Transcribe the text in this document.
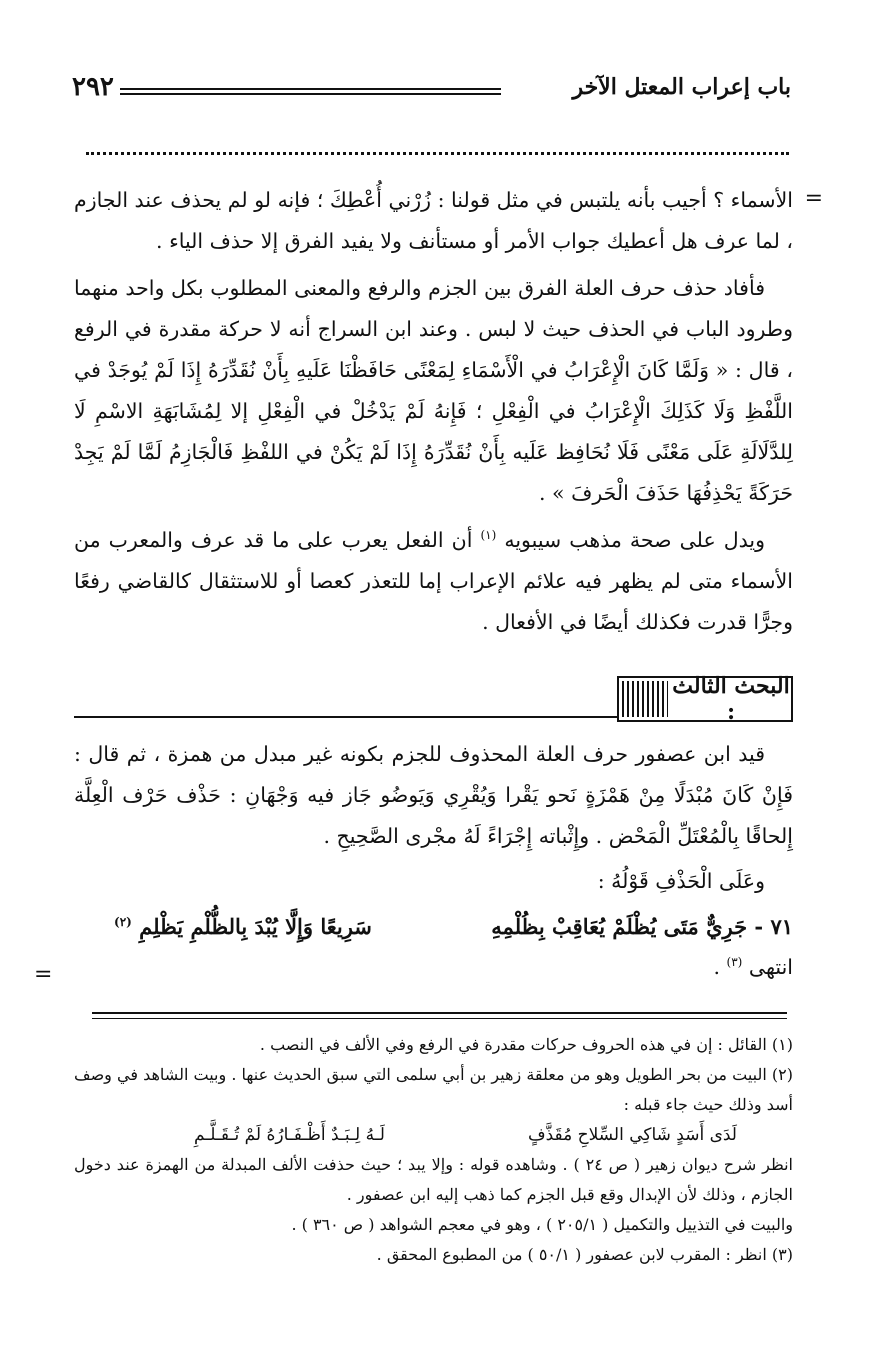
٢٩٢	باب إعراب المعتل الآخر
=

الأسماء ؟ أجيب بأنه يلتبس في مثل قولنا : زُرْني أُعْطِكَ ؛ فإنه لو لم يحذف عند الجازم ، لما عرف هل أعطيك جواب الأمر أو مستأنف ولا يفيد الفرق إلا حذف الياء .

فأفاد حذف حرف العلة الفرق بين الجزم والرفع والمعنى المطلوب بكل واحد منهما وطرود الباب في الحذف حيث لا لبس . وعند ابن السراج أنه لا حركة مقدرة في الرفع ، قال : « وَلَمَّا كَانَ الْإِعْرَابُ في الْأَسْمَاءِ لِمَعْنًى حَافَظْنَا عَلَيهِ بِأَنْ نُقَدِّرَهُ إِذَا لَمْ يُوجَدْ في اللَّفْظِ وَلَا كَذَلِكَ الْإِعْرَابُ في الْفِعْلِ ؛ فَإِنهُ لَمْ يَدْخُلْ في الْفِعْلِ إلا لِمُشَابَهَةِ الاسْمِ لَا لِلدَّلَالَةِ عَلَى مَعْنًى فَلَا نُحَافِظ عَلَيه بِأَنْ نُقَدِّرَهُ إِذَا لَمْ يَكُنْ في اللفْظِ فَالْجَازِمُ لَمَّا لَمْ يَجِدْ حَرَكَةً يَحْذِفُهَا حَذَفَ الْحَرفَ » .

ويدل على صحة مذهب سيبويه $^{(١)}$ أن الفعل يعرب على ما قد عرف والمعرب من الأسماء متى لم يظهر فيه علائم الإعراب إما للتعذر كعصا أو للاستثقال كالقاضي رفعًا وجرًّا قدرت فكذلك أيضًا في الأفعال .

البحث الثالث :

قيد ابن عصفور حرف العلة المحذوف للجزم بكونه غير مبدل من همزة ، ثم قال : فَإِنْ كَانَ مُبْدَلًا مِنْ هَمْزَةٍ نَحو يَقْرا وَيُقْرِي وَيَوضُو جَاز فيه وَجْهَانِ : حَذْف حَرْف الْعِلَّة إِلحاقًا بِالْمُعْتَلِّ الْمَحْض . وإِثْباته إِجْرَاءً لَهُ مجْرى الصَّحِيحِ .

وعَلَى الْحَذْفِ قَوْلُهُ :

٧١ - جَرِيٌّ مَتَى يُظْلَمْ يُعَاقِبْ بِظُلْمِهِ
سَرِيعًا وَإِلَّا يُبْدَ بِالظُّلْمِ يَظْلِمِ $^{(٢)}$

انتهى $^{(٣)}$ .

=

(١) القائل : إن في هذه الحروف حركات مقدرة في الرفع وفي الألف في النصب .

(٢) البيت من بحر الطويل وهو من معلقة زهير بن أبي سلمى التي سبق الحديث عنها . وبيت الشاهد في وصف أسد وذلك حيث جاء قبله :

لَدَى أَسَدٍ شَاكِي السِّلاحِ مُقَذَّفٍ
لَـهُ لِـبَـدٌ أَظْـفَـارُهُ لَمْ تُـقَـلَّـمِ

انظر شرح ديوان زهير ( ص ٢٤ ) . وشاهده قوله : وإلا يبد ؛ حيث حذفت الألف المبدلة من الهمزة عند دخول الجازم ، وذلك لأن الإبدال وقع قبل الجزم كما ذهب إليه ابن عصفور .

والبيت في التذييل والتكميل ( ٢٠٥/١ ) ، وهو في معجم الشواهد ( ص ٣٦٠ ) .

(٣) انظر : المقرب لابن عصفور ( ٥٠/١ ) من المطبوع المحقق .
